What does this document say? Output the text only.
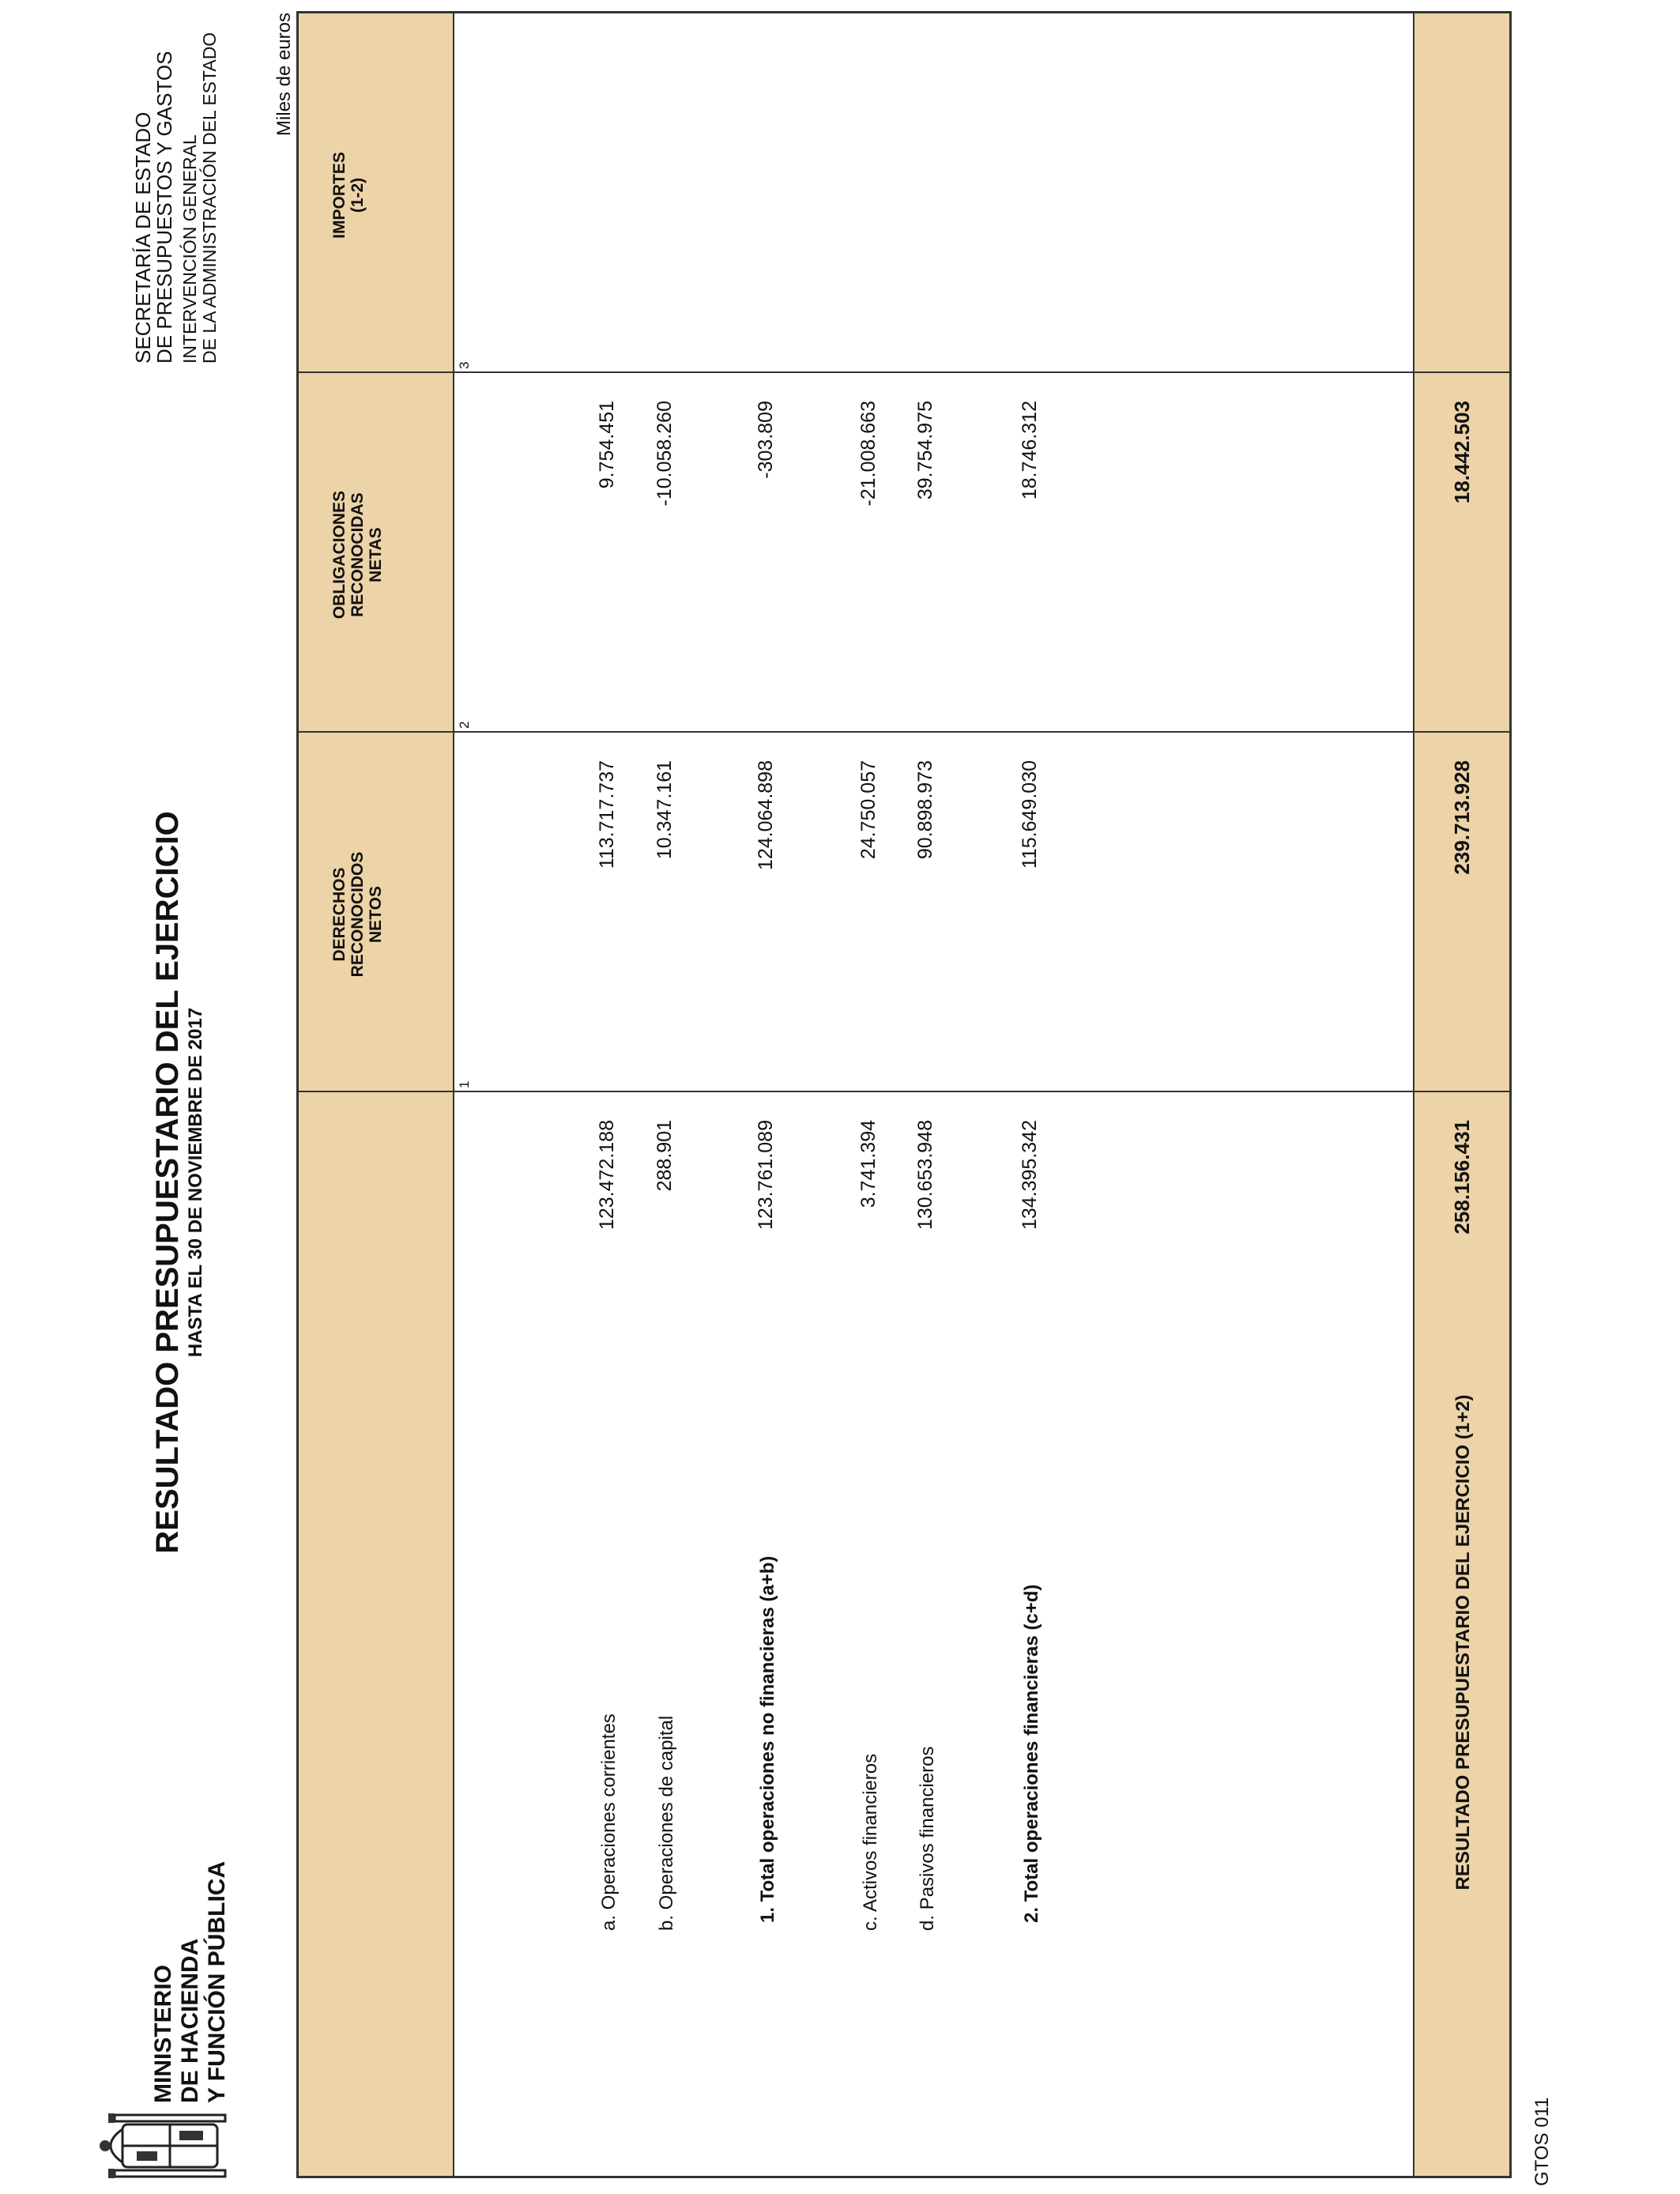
MINISTERIO DE HACIENDA Y FUNCIÓN PÚBLICA
RESULTADO PRESUPUESTARIO DEL EJERCICIO HASTA EL 30 DE NOVIEMBRE DE 2017
SECRETARÍA DE ESTADO
DE PRESUPUESTOS Y GASTOS INTERVENCIÓN GENERAL DE LA ADMINISTRACIÓN DEL ESTADO	Miles de euros
DERECHOS RECONOCIDOS NETOS
OBLIGACIONES RECONOCIDAS NETAS
IMPORTES (1-2)
1
2
3
a. Operaciones corrientes
123.472.188
113.717.737
9.754.451
b. Operaciones de capital
288.901
10.347.161
-10.058.260
1. Total operaciones no financieras (a+b)
123.761.089
124.064.898
-303.809
c. Activos financieros
3.741.394
24.750.057
-21.008.663
d. Pasivos financieros
130.653.948
90.898.973
39.754.975
2. Total operaciones financieras (c+d)
134.395.342
115.649.030
18.746.312
RESULTADO PRESUPUESTARIO DEL EJERCICIO (1+2)
258.156.431
239.713.928
18.442.503
GTOS 011
